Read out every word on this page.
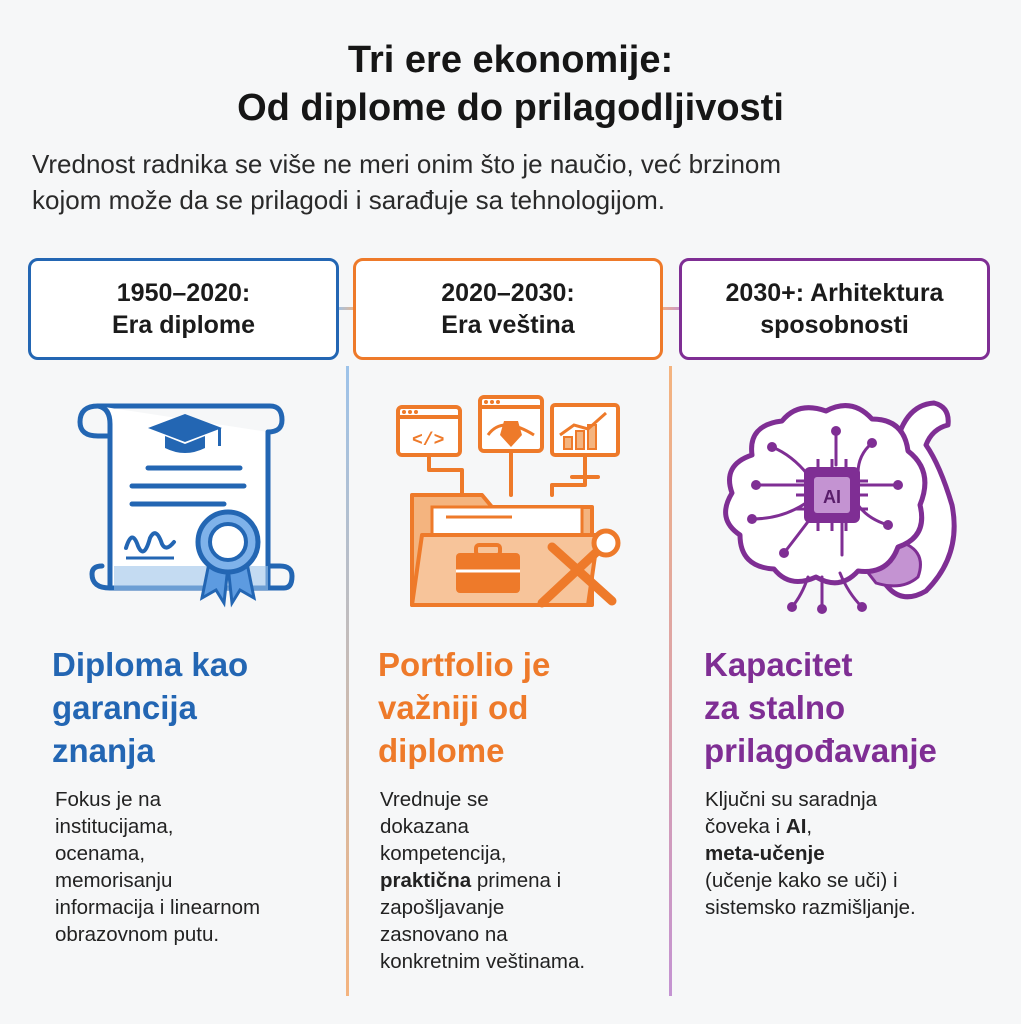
Tri ere ekonomije:
Od diplome do prilagodljivosti
Vrednost radnika se više ne meri onim što je naučio, već brzinom
kojom može da se prilagodi i sarađuje sa tehnologijom.
1950–2020:
Era diplome
2020–2030:
Era veština
2030+: Arhitektura
sposobnosti
</>
AI
Diploma kao
garancija
znanja
Portfolio je
važniji od
diplome
Kapacitet
za stalno
prilagođavanje
Fokus je na
institucijama,
ocenama,
memorisanju
informacija i linearnom
obrazovnom putu.
Vrednuje se
dokazana
kompetencija,
praktična primena i
zapošljavanje
zasnovano na
konkretnim veštinama.
Ključni su saradnja
čoveka i AI,
meta-učenje
(učenje kako se uči) i
sistemsko razmišljanje.
